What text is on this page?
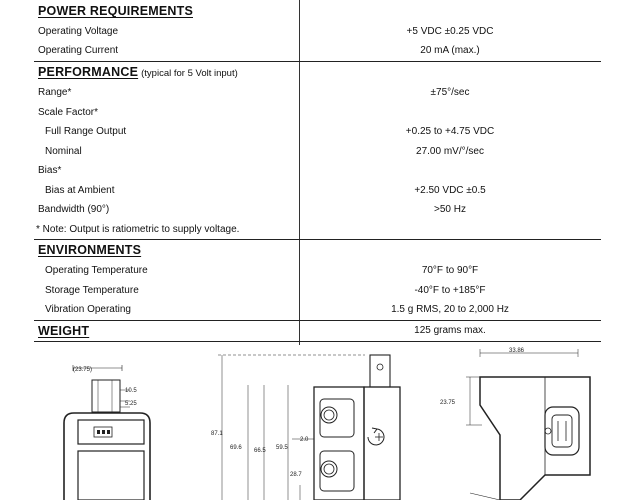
POWER REQUIREMENTS
Operating Voltage	+5 VDC ±0.25 VDC
Operating Current	20 mA (max.)
PERFORMANCE (typical for 5 Volt input)
Range*	±75°/sec
Scale Factor*
Full Range Output	+0.25 to +4.75 VDC
Nominal	27.00 mV/°/sec
Bias*
Bias at Ambient	+2.50 VDC ±0.5
Bandwidth (90°)	>50 Hz
* Note: Output is ratiometric to supply voltage.
ENVIRONMENTS
Operating Temperature	70°F to 90°F
Storage Temperature	-40°F to +185°F
Vibration Operating	1.5 g RMS, 20 to 2,000 Hz
WEIGHT	125 grams max.
(23.75)
10.5
5.25
87.1
69.6 66.5 59.5
2.0
28.7
33.86
23.75
